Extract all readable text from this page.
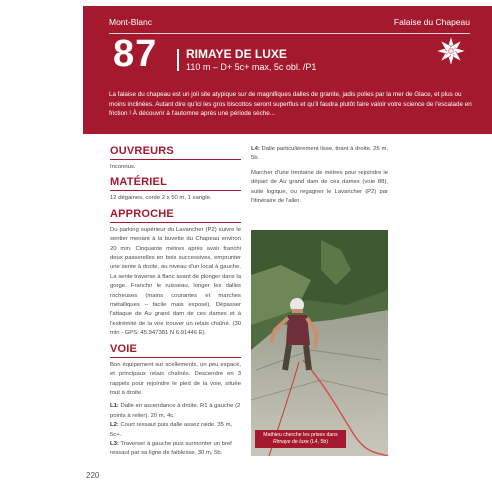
Mont-Blanc	Falaise du Chapeau
87 RIMAYE DE LUXE
110 m – D+ 5c+ max, 5c obl. /P1
La falaise du chapeau est un joli site atypique sur de magnifiques dalles de granite, jadis polies par la mer de Glace, et plus ou moins inclinées. Autant dire qu'ici les gros biscottos seront superflus et qu'il faudra plutôt faire valoir votre science de l'escalade en friction ! À découvrir à l'automne après une période sèche...
OUVREURS

Inconnus.

MATÉRIEL

12 dégaines, corde 2 x 50 m, 1 sangle.

APPROCHE

Du parking supérieur du Lavancher (P2) suivre le sentier menant à la buvette du Chapeau environ 20 min. Cinquante mètres après avoir franchi deux passerelles en bois successives, emprunter une sente à droite, au niveau d'un local à gauche. La sente traverse à flanc avant de plonger dans la gorge. Franchir le ruisseau, longer les dalles rocheuses (mains courantes et marches métalliques – facile mais exposé). Dépasser l'attaque de Au grand dam de ces dames et à l'extrémité de la vire trouver un relais chaîné. (30 min - GPS: 45.947381 N 6.91446 E).

VOIE

Bon équipement sur scellements, un peu espacé, et principaux relais chaînés. Descendre en 3 rappels pour rejoindre le pied de la voie, située tout à droite.

L1: Dalle en ascendance à droite. R1 à gauche (2 points à relier). 20 m, 4c.
L2: Court ressaut puis dalle assez raide. 35 m, 5c+.
L3: Traverser à gauche puis surmonter un bref ressaut par sa ligne de faiblesse, 30 m, 5b.

L4: Dalle particulièrement lisse, tirant à droite. 25 m, 5b.

Marcher d'une trentaine de mètres pour rejoindre le départ de Au grand dam de ces dames (voie 88), suite logique, ou regagner le Lavancher (P2) par l'itinéraire de l'aller.

Mathieu cherche les prises dans
Rimaye de luxe (L4, 5b)
220
